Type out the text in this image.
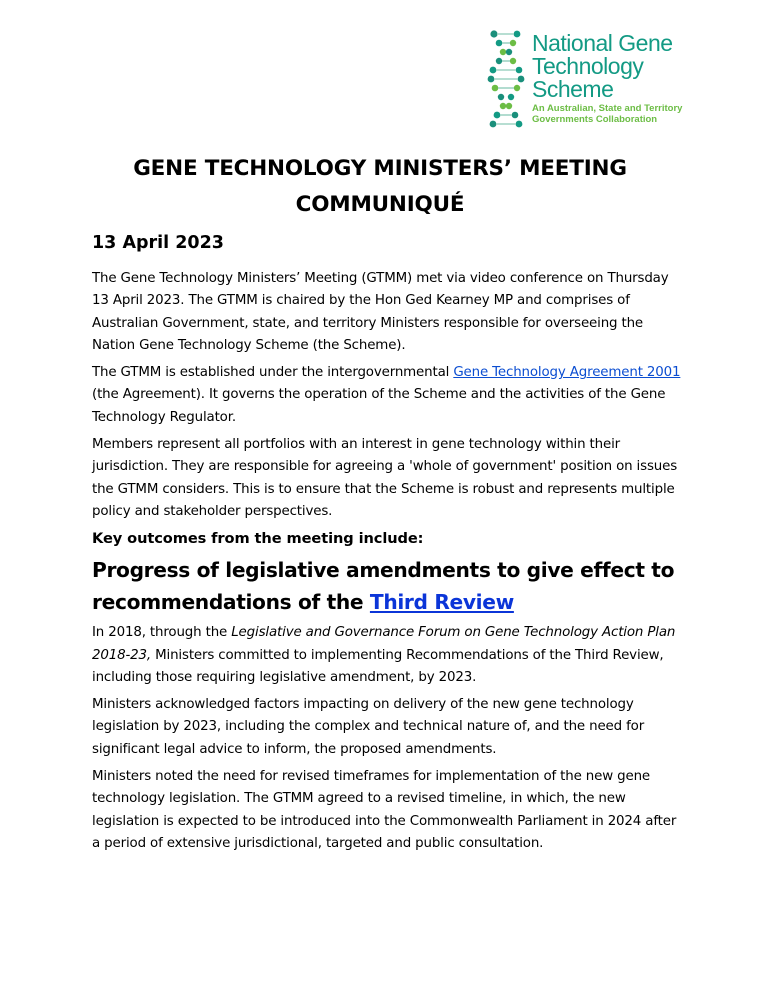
National Gene
Technology
Scheme
An Australian, State and Territory
Governments Collaboration
GENE TECHNOLOGY MINISTERS’ MEETING
COMMUNIQUÉ
13 April 2023

The Gene Technology Ministers’ Meeting (GTMM) met via video conference on Thursday 13 April 2023. The GTMM is chaired by the Hon Ged Kearney MP and comprises of Australian Government, state, and territory Ministers responsible for overseeing the Nation Gene Technology Scheme (the Scheme).

The GTMM is established under the intergovernmental Gene Technology Agreement 2001 (the Agreement). It governs the operation of the Scheme and the activities of the Gene Technology Regulator.

Members represent all portfolios with an interest in gene technology within their jurisdiction. They are responsible for agreeing a 'whole of government' position on issues the GTMM considers. This is to ensure that the Scheme is robust and represents multiple policy and stakeholder perspectives.

Key outcomes from the meeting include:
Progress of legislative amendments to give effect to recommendations of the Third Review

In 2018, through the Legislative and Governance Forum on Gene Technology Action Plan 2018-23, Ministers committed to implementing Recommendations of the Third Review, including those requiring legislative amendment, by 2023.

Ministers acknowledged factors impacting on delivery of the new gene technology legislation by 2023, including the complex and technical nature of, and the need for significant legal advice to inform, the proposed amendments.

Ministers noted the need for revised timeframes for implementation of the new gene technology legislation. The GTMM agreed to a revised timeline, in which, the new legislation is expected to be introduced into the Commonwealth Parliament in 2024 after a period of extensive jurisdictional, targeted and public consultation.
